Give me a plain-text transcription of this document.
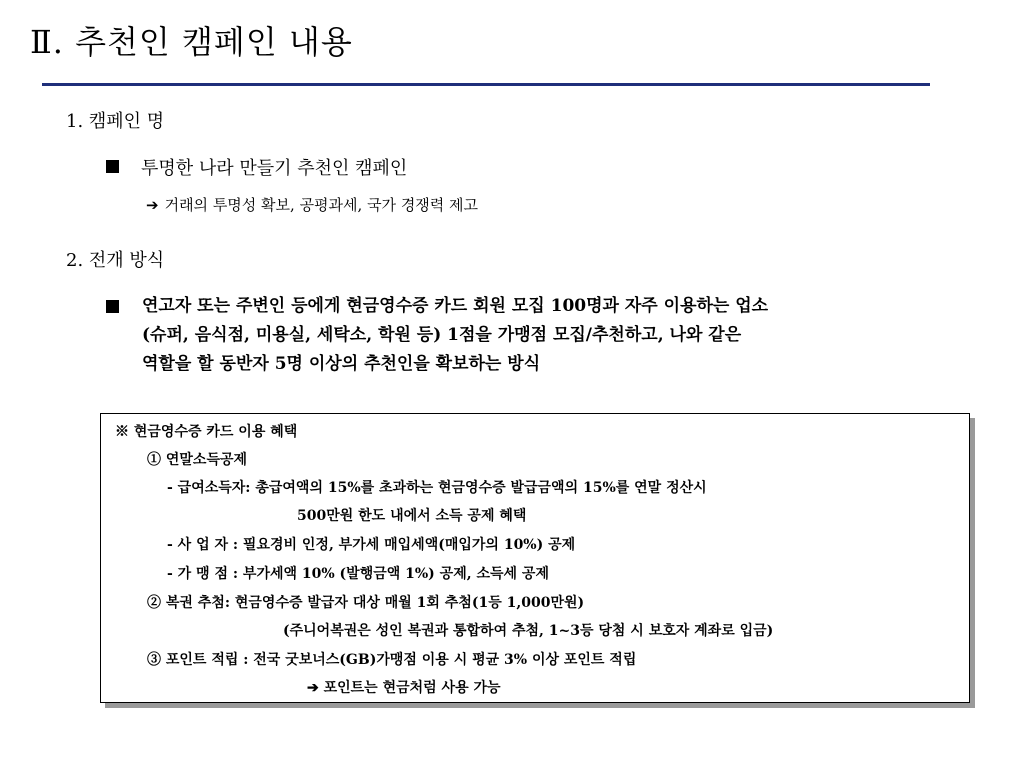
Ⅱ. 추천인 캠페인 내용
1. 캠페인 명
투명한 나라 만들기 추천인 캠페인
➔ 거래의 투명성 확보, 공평과세, 국가 경쟁력 제고
2. 전개 방식
연고자 또는 주변인 등에게 현금영수증 카드 회원 모집 100명과 자주 이용하는 업소
(슈퍼, 음식점, 미용실, 세탁소, 학원 등) 1점을 가맹점 모집/추천하고, 나와 같은
역할을 할 동반자 5명 이상의 추천인을 확보하는 방식
※ 현금영수증 카드 이용 혜택
① 연말소득공제
- 급여소득자: 총급여액의 15%를 초과하는 현금영수증 발급금액의 15%를 연말 정산시
500만원 한도 내에서 소득 공제 혜택
- 사 업 자 : 필요경비 인정, 부가세 매입세액(매입가의 10%) 공제
- 가 맹 점 : 부가세액 10% (발행금액 1%) 공제, 소득세 공제
② 복권 추첨: 현금영수증 발급자 대상 매월 1회 추첨(1등 1,000만원)
(주니어복권은 성인 복권과 통합하여 추첨, 1~3등 당첨 시 보호자 계좌로 입금)
③ 포인트 적립 : 전국 굿보너스(GB)가맹점 이용 시 평균 3% 이상 포인트 적립
➔ 포인트는 현금처럼 사용 가능
